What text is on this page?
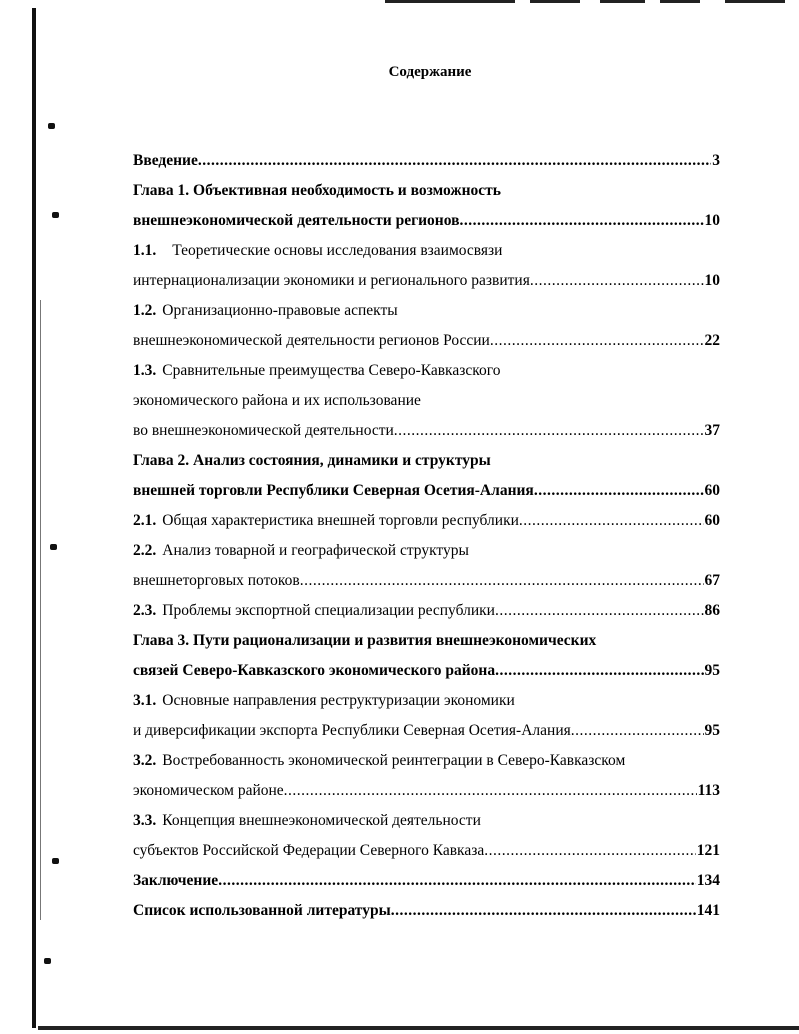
Содержание
Введение .....	3
Глава 1. Объективная необходимость и возможность
внешнеэкономической деятельности регионов .....	10
1.1. Теоретические основы исследования взаимосвязи
интернационализации экономики и регионального развития .....	10
1.2. Организационно-правовые аспекты
внешнеэкономической деятельности регионов России .....	22
1.3. Сравнительные преимущества Северо-Кавказского
экономического района и их использование
во внешнеэкономической деятельности .....	37
Глава 2. Анализ состояния, динамики и структуры
внешней торговли Республики Северная Осетия-Алания .....	60
2.1. Общая характеристика внешней торговли республики .....	60
2.2. Анализ товарной и географической структуры
внешнеторговых потоков .....	67
2.3. Проблемы экспортной специализации республики .....	86
Глава 3. Пути рационализации и развития внешнеэкономических
связей Северо-Кавказского экономического района .....	95
3.1. Основные направления реструктуризации экономики
и диверсификации экспорта Республики Северная Осетия-Алания .....	95
3.2. Востребованность экономической реинтеграции в Северо-Кавказском
экономическом районе .....	113
3.3. Концепция внешнеэкономической деятельности
субъектов Российской Федерации Северного Кавказа .....	121
Заключение .....	134
Список использованной литературы .....	141
